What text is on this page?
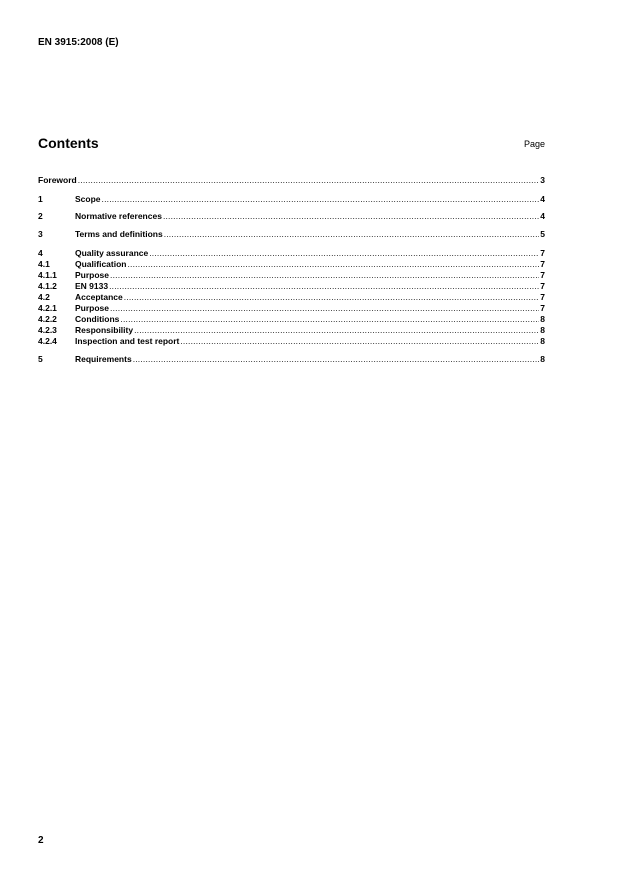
EN 3915:2008 (E)
Contents	Page
Foreword .....	3
1	Scope .....	4
2	Normative references .....	4
3	Terms and definitions .....	5
4	Quality assurance .....	7
4.1	Qualification .....	7
4.1.1	Purpose .....	7
4.1.2	EN 9133 .....	7
4.2	Acceptance .....	7
4.2.1	Purpose .....	7
4.2.2	Conditions .....	8
4.2.3	Responsibility .....	8
4.2.4	Inspection and test report .....	8
5	Requirements .....	8
2
